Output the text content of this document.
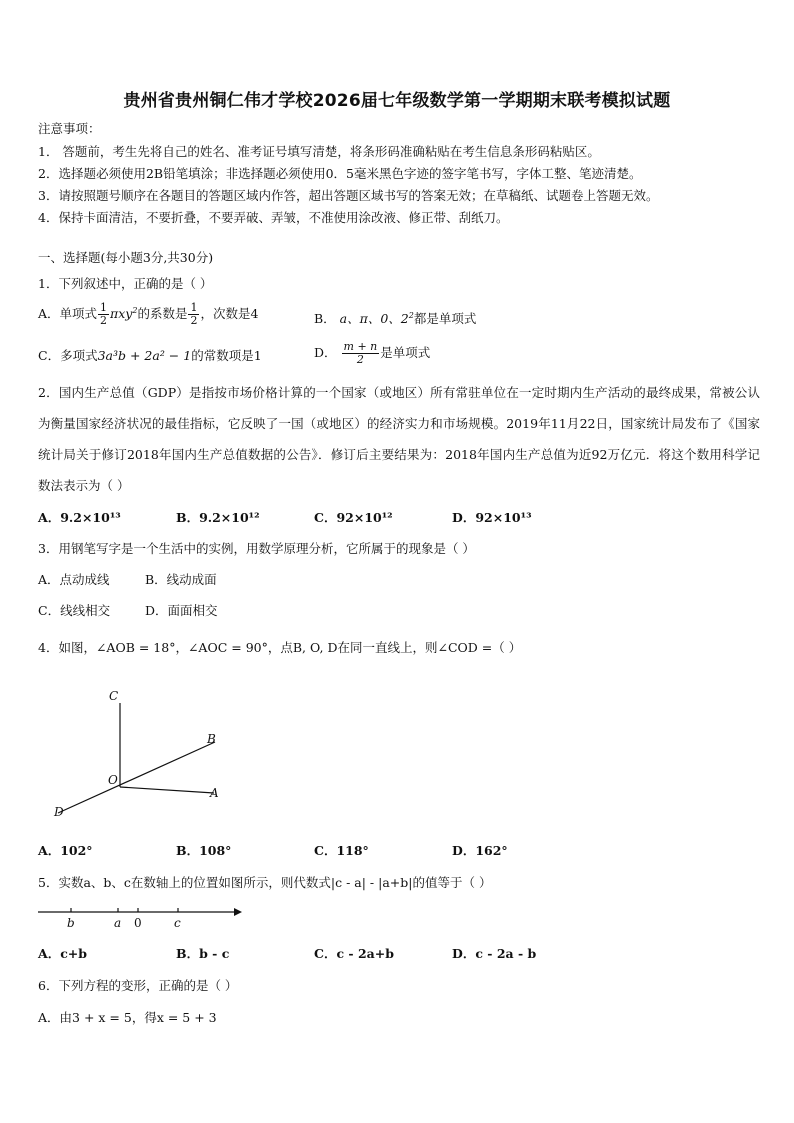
贵州省贵州铜仁伟才学校2026届七年级数学第一学期期末联考模拟试题
注意事项：
1． 答题前，考生先将自己的姓名、准考证号填写清楚，将条形码准确粘贴在考生信息条形码粘贴区。
2．选择题必须使用2B铅笔填涂；非选择题必须使用0．5毫米黑色字迹的签字笔书写，字体工整、笔迹清楚。
3．请按照题号顺序在各题目的答题区域内作答，超出答题区域书写的答案无效；在草稿纸、试题卷上答题无效。
4．保持卡面清洁，不要折叠，不要弄破、弄皱，不准使用涂改液、修正带、刮纸刀。
一、选择题(每小题3分,共30分)
1．下列叙述中，正确的是（ ）
A．单项式 $\frac{1}{2} \pi xy^2$的系数是 $\frac{1}{2}$ ，次数是4	B． a、π、0、$2^2$都是单项式
C．多项式3a³b + 2a² − 1的常数项是1	D． $\frac{m + n}{2}$ 是单项式
2．国内生产总值（GDP）是指按市场价格计算的一个国家（或地区）所有常驻单位在一定时期内生产活动的最终成果，常被公认为衡量国家经济状况的最佳指标，它反映了一国（或地区）的经济实力和市场规模。2019年11月22日，国家统计局发布了《国家统计局关于修订2018年国内生产总值数据的公告》．修订后主要结果为：2018年国内生产总值为近92万亿元．将这个数用科学记数法表示为（ ）
A．9.2×10¹³	B．9.2×10¹²	C．92×10¹²	D．92×10¹³
3．用钢笔写字是一个生活中的实例，用数学原理分析，它所属于的现象是（ ）
A．点动成线	B．线动成面
C．线线相交	D．面面相交
4．如图，∠AOB = 18°，∠AOC = 90°，点B, O, D在同一直线上，则∠COD =（ ）
C
B
O
A
D
A．102°	B．108°	C．118°	D．162°
5．实数a、b、c在数轴上的位置如图所示，则代数式|c - a| - |a+b|的值等于（ ）
b	a 0	c
A．c+b	B．b - c	C．c - 2a+b	D．c - 2a - b
6．下列方程的变形，正确的是（ ）
A．由3 + x = 5，得x = 5 + 3
